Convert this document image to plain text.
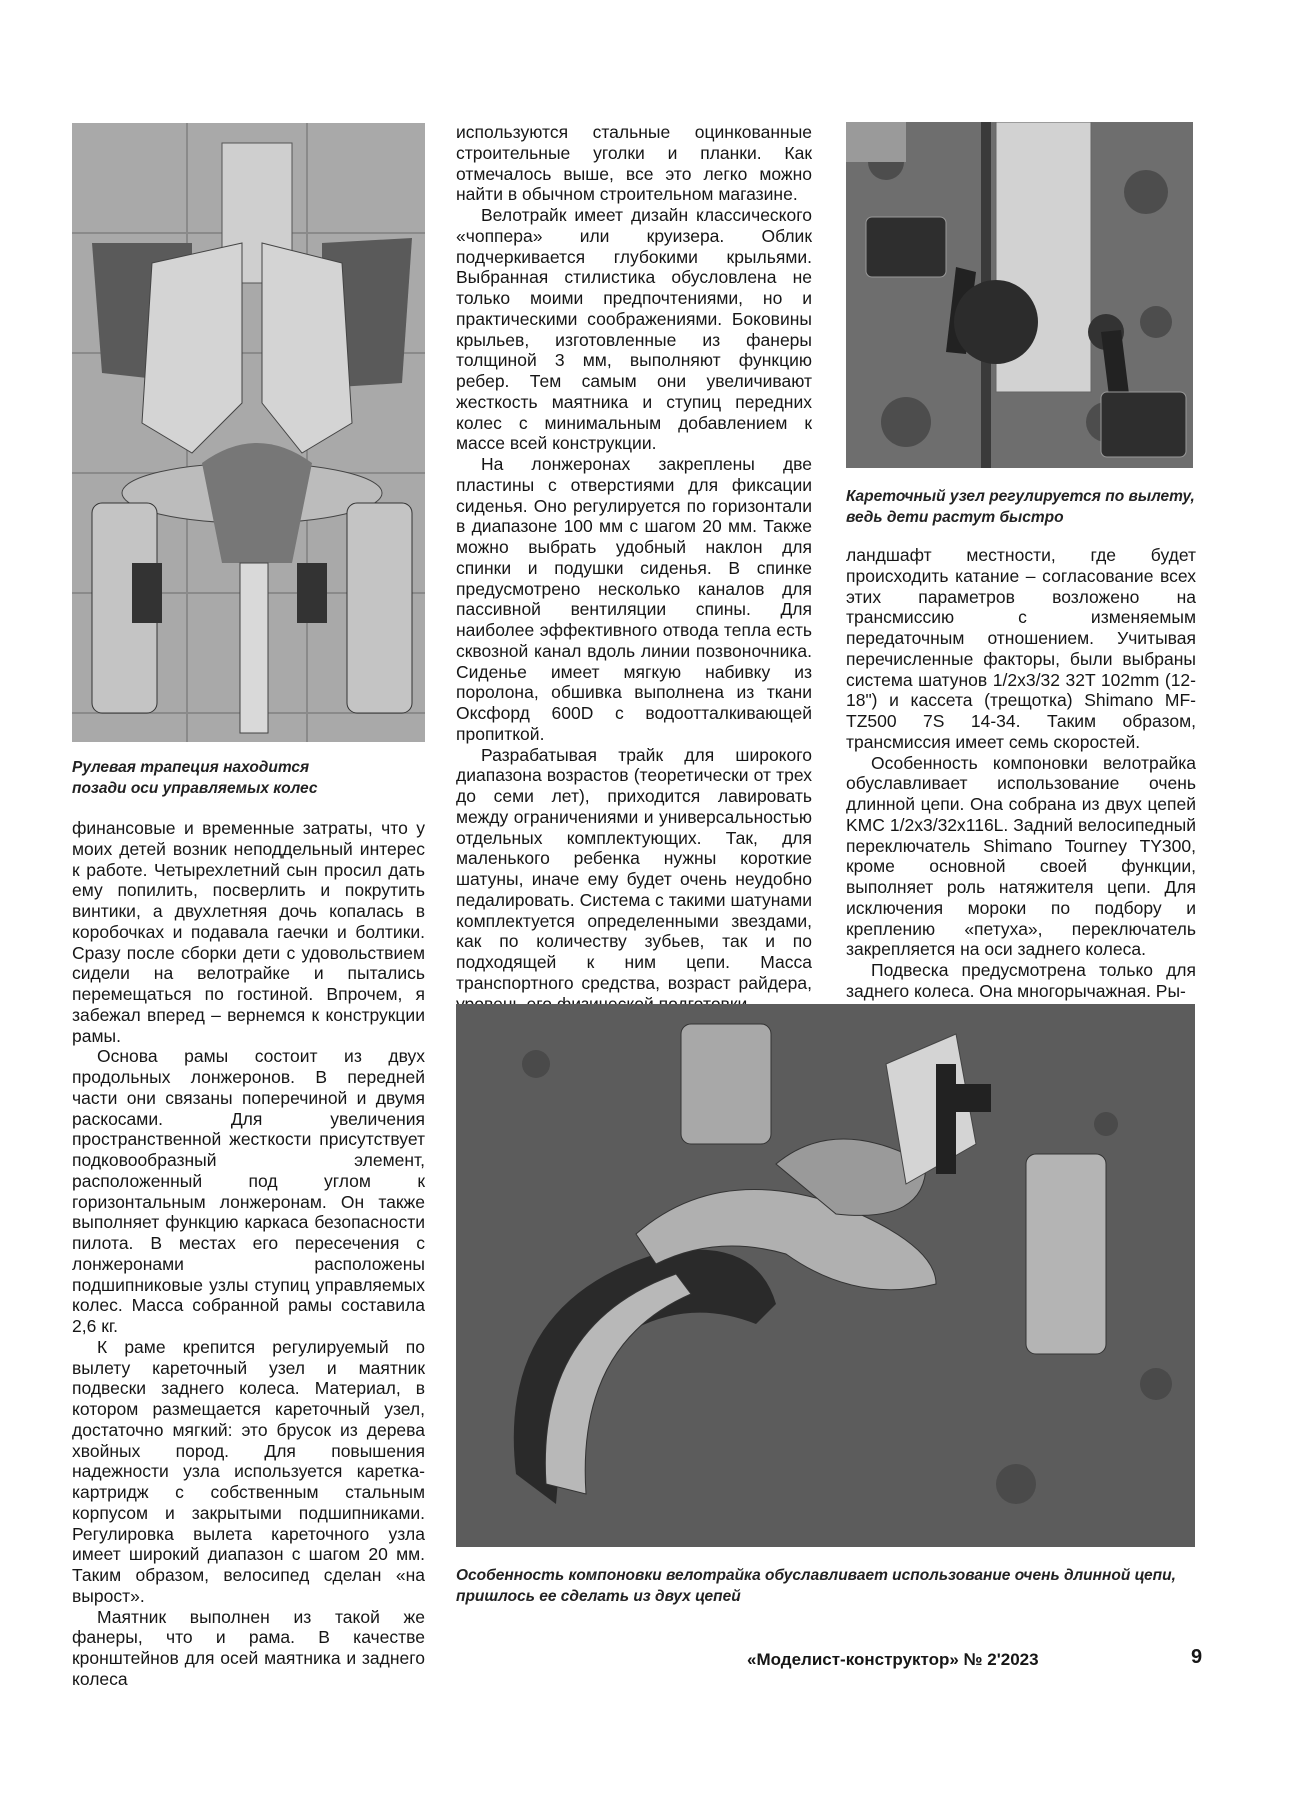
Рулевая трапеция находится позади оси управляемых колес
Кареточный узел регулируется по вылету, ведь дети растут быстро

финансовые и временные затраты, что у моих детей возник неподдельный интерес к работе. Четырехлетний сын просил дать ему попилить, посверлить и покрутить винтики, а двухлетняя дочь копалась в коробочках и подавала гаечки и болтики. Сразу после сборки дети с удовольствием сидели на велотрайке и пытались перемещаться по гостиной. Впрочем, я забежал вперед – вернемся к конструкции рамы.

Основа рамы состоит из двух продольных лонжеронов. В передней части они связаны поперечиной и двумя раскосами. Для увеличения пространственной жесткости присутствует подковообразный элемент, расположенный под углом к горизонтальным лонжеронам. Он также выполняет функцию каркаса безопасности пилота. В местах его пересечения с лонжеронами расположены подшипниковые узлы ступиц управляемых колес. Масса собранной рамы составила 2,6 кг.

К раме крепится регулируемый по вылету кареточный узел и маятник подвески заднего колеса. Материал, в котором размещается кареточный узел, достаточно мягкий: это брусок из дерева хвойных пород. Для повышения надежности узла используется каретка-картридж с собственным стальным корпусом и закрытыми подшипниками. Регулировка вылета кареточного узла имеет широкий диапазон с шагом 20 мм. Таким образом, велосипед сделан «на вырост».

Маятник выполнен из такой же фанеры, что и рама. В качестве кронштейнов для осей маятника и заднего колеса

используются стальные оцинкованные строительные уголки и планки. Как отмечалось выше, все это легко можно найти в обычном строительном магазине.

Велотрайк имеет дизайн классического «чоппера» или круизера. Облик подчеркивается глубокими крыльями. Выбранная стилистика обусловлена не только моими предпочтениями, но и практическими соображениями. Боковины крыльев, изготовленные из фанеры толщиной 3 мм, выполняют функцию ребер. Тем самым они увеличивают жесткость маятника и ступиц передних колес с минимальным добавлением к массе всей конструкции.

На лонжеронах закреплены две пластины с отверстиями для фиксации сиденья. Оно регулируется по горизонтали в диапазоне 100 мм с шагом 20 мм. Также можно выбрать удобный наклон для спинки и подушки сиденья. В спинке предусмотрено несколько каналов для пассивной вентиляции спины. Для наиболее эффективного отвода тепла есть сквозной канал вдоль линии позвоночника. Сиденье имеет мягкую набивку из поролона, обшивка выполнена из ткани Оксфорд 600D с водоотталкивающей пропиткой.

Разрабатывая трайк для широкого диапазона возрастов (теоретически от трех до семи лет), приходится лавировать между ограничениями и универсальностью отдельных комплектующих. Так, для маленького ребенка нужны короткие шатуны, иначе ему будет очень неудобно педалировать. Система с такими шатунами комплектуется определенными звездами, как по количеству зубьев, так и по подходящей к ним цепи. Масса транспортного средства, возраст райдера,

ландшафт местности, где будет происходить катание – согласование всех этих параметров возложено на трансмиссию с изменяемым передаточным отношением. Учитывая перечисленные факторы, были выбраны система шатунов 1/2x3/32 32T 102mm (12-18") и кассета (трещотка) Shimano MF-TZ500 7S 14-34. Таким образом, трансмиссия имеет семь скоростей.

Особенность компоновки велотрайка обуславливает использование очень длинной цепи. Она собрана из двух цепей KMC 1/2x3/32x116L. Задний велосипедный переключатель Shimano Tourney TY300, кроме основной своей функции, выполняет роль натяжителя цепи. Для исключения мороки по подбору и креплению «петуха», переключатель закрепляется на оси заднего колеса.

Подвеска предусмотрена только для заднего колеса. Она многорычажная. Ры-

Особенность компоновки велотрайка обуславливает использование очень длинной цепи, пришлось ее сделать из двух цепей
«Моделист-конструктор» № 2'2023	9
